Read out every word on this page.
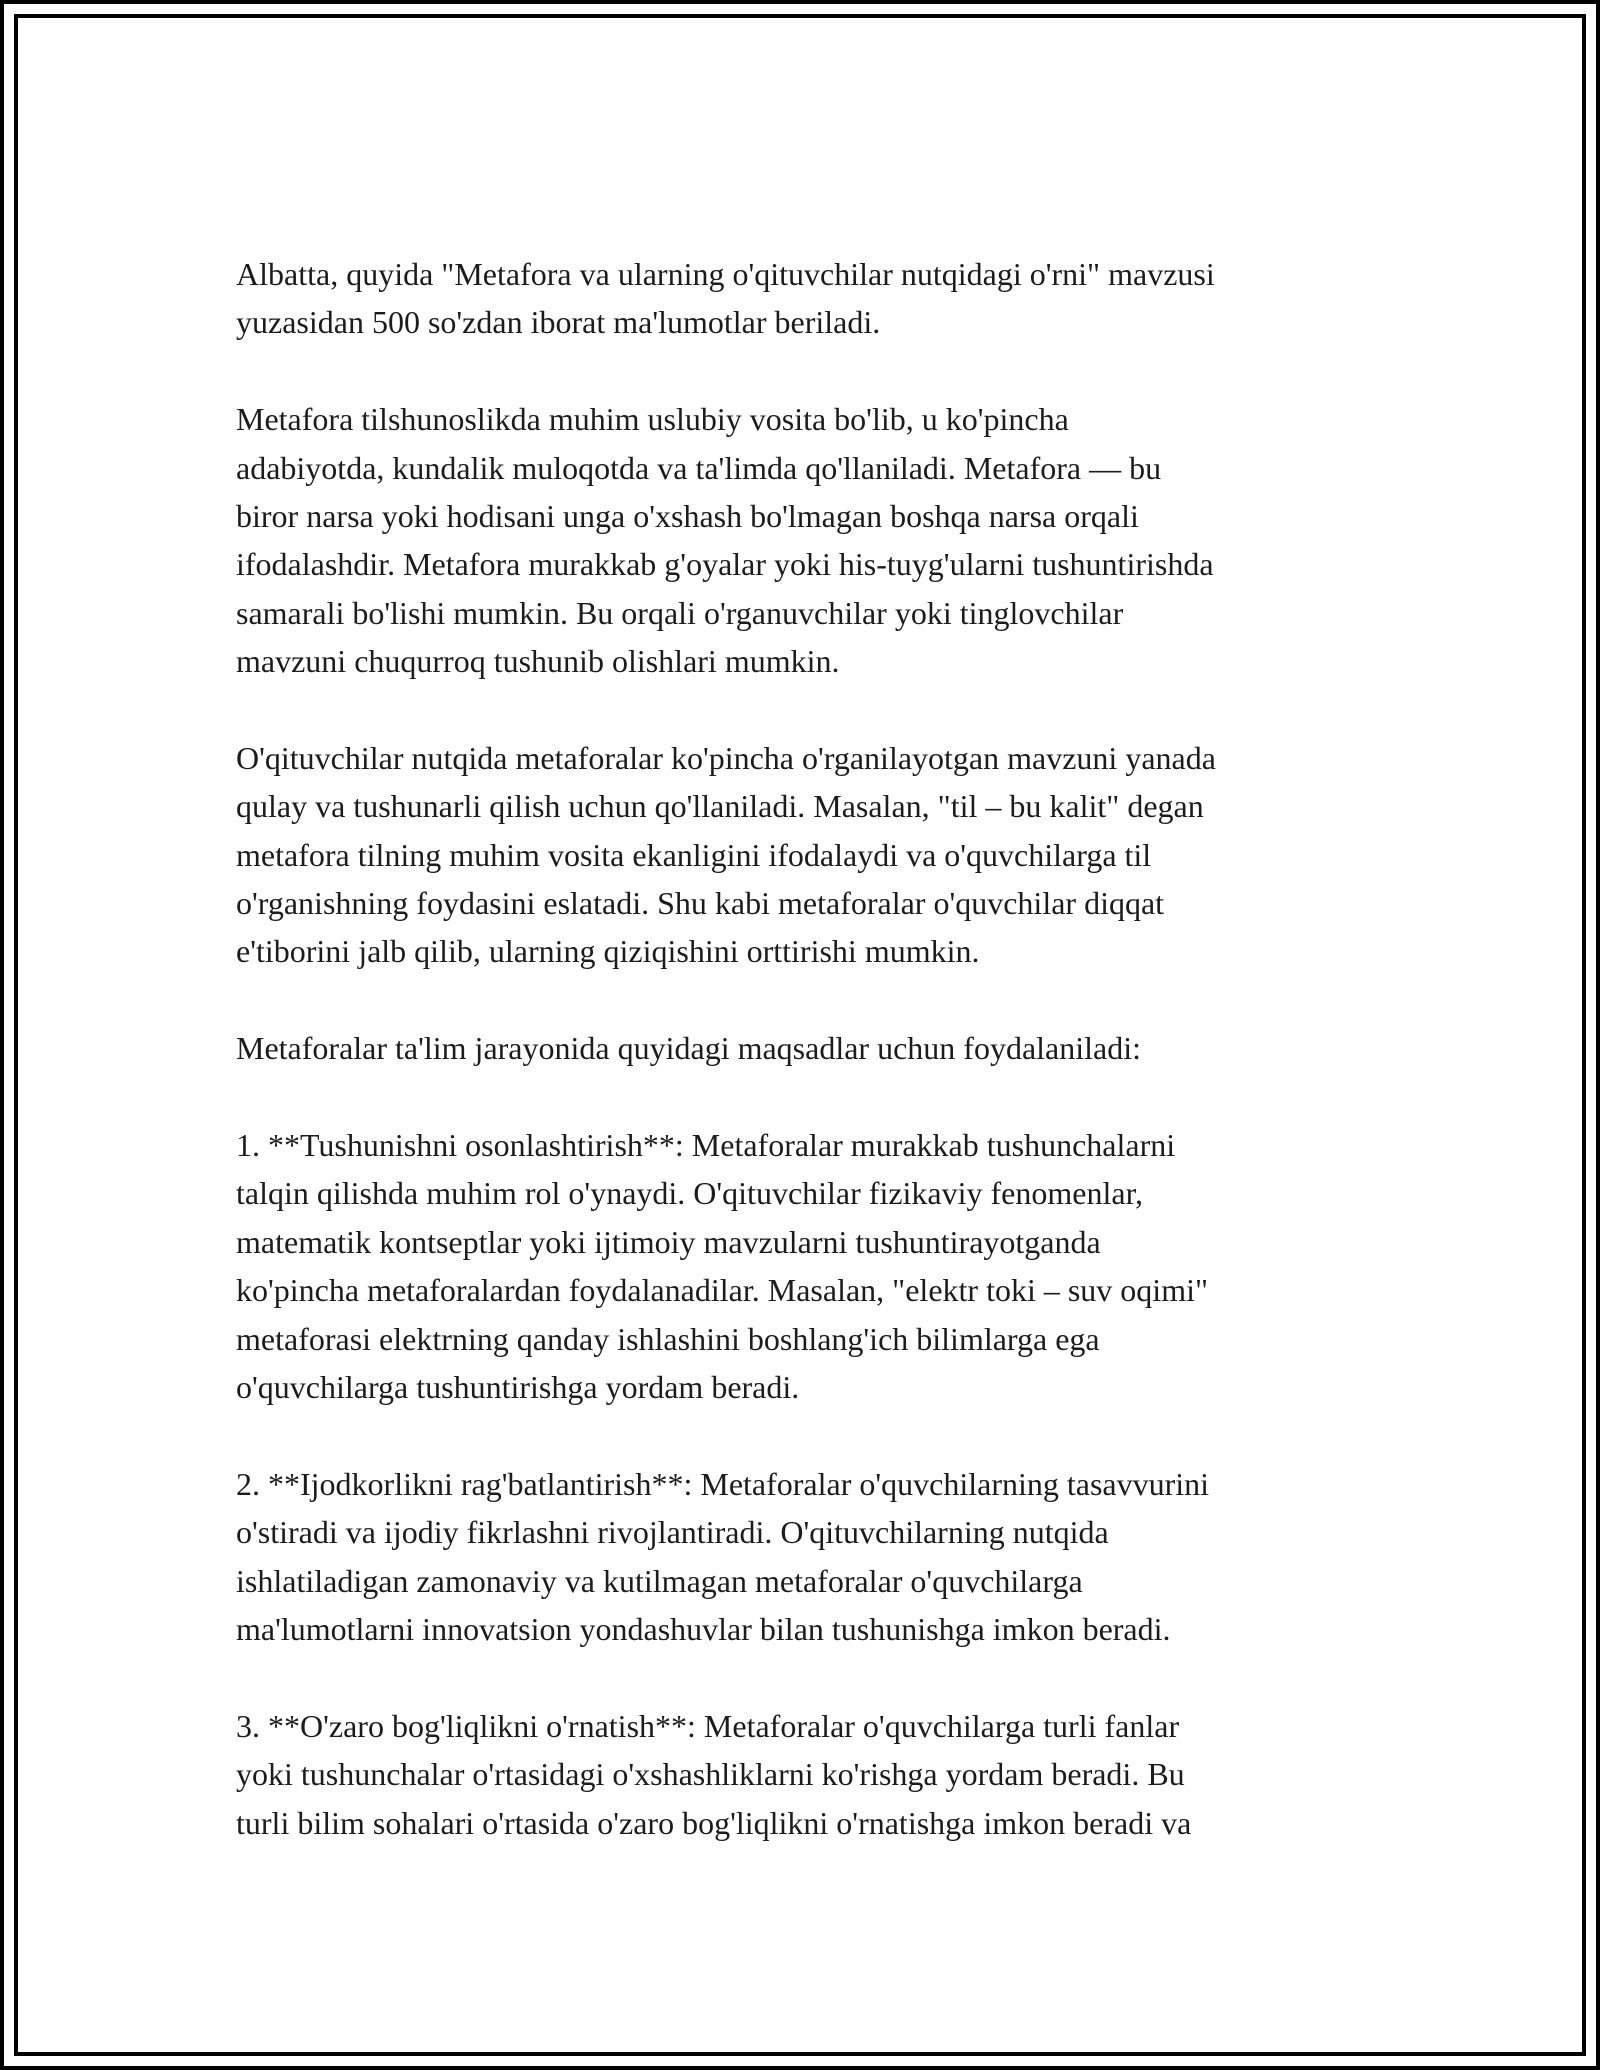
Albatta, quyida "Metafora va ularning o'qituvchilar nutqidagi o'rni" mavzusi
yuzasidan 500 so'zdan iborat ma'lumotlar beriladi.
Metafora tilshunoslikda muhim uslubiy vosita bo'lib, u ko'pincha
adabiyotda, kundalik muloqotda va ta'limda qo'llaniladi. Metafora — bu
biror narsa yoki hodisani unga o'xshash bo'lmagan boshqa narsa orqali
ifodalashdir. Metafora murakkab g'oyalar yoki his-tuyg'ularni tushuntirishda
samarali bo'lishi mumkin. Bu orqali o'rganuvchilar yoki tinglovchilar
mavzuni chuqurroq tushunib olishlari mumkin.
O'qituvchilar nutqida metaforalar ko'pincha o'rganilayotgan mavzuni yanada
qulay va tushunarli qilish uchun qo'llaniladi. Masalan, "til – bu kalit" degan
metafora tilning muhim vosita ekanligini ifodalaydi va o'quvchilarga til
o'rganishning foydasini eslatadi. Shu kabi metaforalar o'quvchilar diqqat
e'tiborini jalb qilib, ularning qiziqishini orttirishi mumkin.
Metaforalar ta'lim jarayonida quyidagi maqsadlar uchun foydalaniladi:
1. **Tushunishni osonlashtirish**: Metaforalar murakkab tushunchalarni
talqin qilishda muhim rol o'ynaydi. O'qituvchilar fizikaviy fenomenlar,
matematik kontseptlar yoki ijtimoiy mavzularni tushuntirayotganda
ko'pincha metaforalardan foydalanadilar. Masalan, "elektr toki – suv oqimi"
metaforasi elektrning qanday ishlashini boshlang'ich bilimlarga ega
o'quvchilarga tushuntirishga yordam beradi.
2. **Ijodkorlikni rag'batlantirish**: Metaforalar o'quvchilarning tasavvurini
o'stiradi va ijodiy fikrlashni rivojlantiradi. O'qituvchilarning nutqida
ishlatiladigan zamonaviy va kutilmagan metaforalar o'quvchilarga
ma'lumotlarni innovatsion yondashuvlar bilan tushunishga imkon beradi.
3. **O'zaro bog'liqlikni o'rnatish**: Metaforalar o'quvchilarga turli fanlar
yoki tushunchalar o'rtasidagi o'xshashliklarni ko'rishga yordam beradi. Bu
turli bilim sohalari o'rtasida o'zaro bog'liqlikni o'rnatishga imkon beradi va
